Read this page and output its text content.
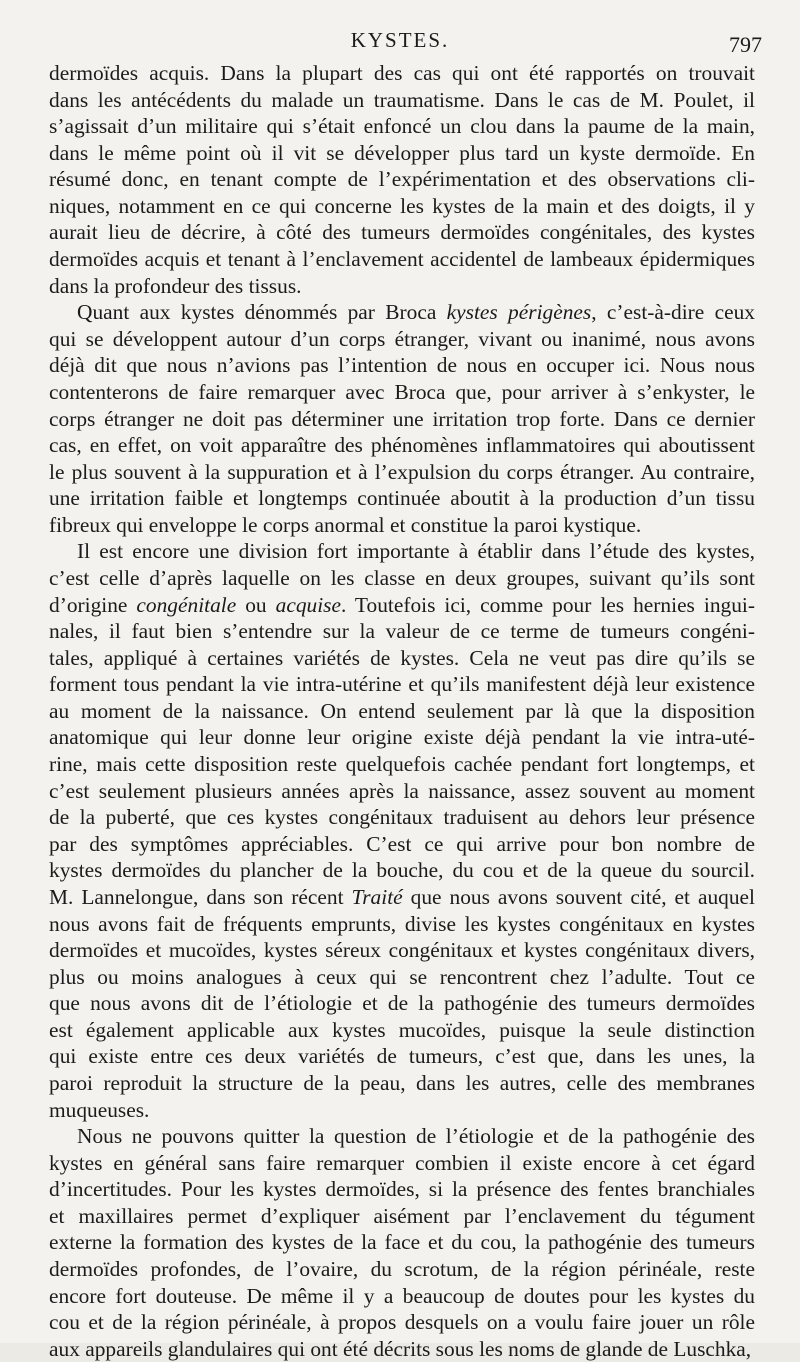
KYSTES.	797
dermoïdes acquis. Dans la plupart des cas qui ont été rapportés on trouvait
dans les antécédents du malade un traumatisme. Dans le cas de M. Poulet, il
s’agissait d’un militaire qui s’était enfoncé un clou dans la paume de la main,
dans le même point où il vit se développer plus tard un kyste dermoïde. En
résumé donc, en tenant compte de l’expérimentation et des observations cli-
niques, notamment en ce qui concerne les kystes de la main et des doigts, il y
aurait lieu de décrire, à côté des tumeurs dermoïdes congénitales, des kystes
dermoïdes acquis et tenant à l’enclavement accidentel de lambeaux épidermiques
dans la profondeur des tissus.
Quant aux kystes dénommés par Broca kystes périgènes, c’est-à-dire ceux
qui se développent autour d’un corps étranger, vivant ou inanimé, nous avons
déjà dit que nous n’avions pas l’intention de nous en occuper ici. Nous nous
contenterons de faire remarquer avec Broca que, pour arriver à s’enkyster, le
corps étranger ne doit pas déterminer une irritation trop forte. Dans ce dernier
cas, en effet, on voit apparaître des phénomènes inflammatoires qui aboutissent
le plus souvent à la suppuration et à l’expulsion du corps étranger. Au contraire,
une irritation faible et longtemps continuée aboutit à la production d’un tissu
fibreux qui enveloppe le corps anormal et constitue la paroi kystique.
Il est encore une division fort importante à établir dans l’étude des kystes,
c’est celle d’après laquelle on les classe en deux groupes, suivant qu’ils sont
d’origine congénitale ou acquise. Toutefois ici, comme pour les hernies ingui-
nales, il faut bien s’entendre sur la valeur de ce terme de tumeurs congéni-
tales, appliqué à certaines variétés de kystes. Cela ne veut pas dire qu’ils se
forment tous pendant la vie intra-utérine et qu’ils manifestent déjà leur existence
au moment de la naissance. On entend seulement par là que la disposition
anatomique qui leur donne leur origine existe déjà pendant la vie intra-uté-
rine, mais cette disposition reste quelquefois cachée pendant fort longtemps, et
c’est seulement plusieurs années après la naissance, assez souvent au moment
de la puberté, que ces kystes congénitaux traduisent au dehors leur présence
par des symptômes appréciables. C’est ce qui arrive pour bon nombre de
kystes dermoïdes du plancher de la bouche, du cou et de la queue du sourcil.
M. Lannelongue, dans son récent Traité que nous avons souvent cité, et auquel
nous avons fait de fréquents emprunts, divise les kystes congénitaux en kystes
dermoïdes et mucoïdes, kystes séreux congénitaux et kystes congénitaux divers,
plus ou moins analogues à ceux qui se rencontrent chez l’adulte. Tout ce
que nous avons dit de l’étiologie et de la pathogénie des tumeurs dermoïdes
est également applicable aux kystes mucoïdes, puisque la seule distinction
qui existe entre ces deux variétés de tumeurs, c’est que, dans les unes, la
paroi reproduit la structure de la peau, dans les autres, celle des membranes
muqueuses.
Nous ne pouvons quitter la question de l’étiologie et de la pathogénie des
kystes en général sans faire remarquer combien il existe encore à cet égard
d’incertitudes. Pour les kystes dermoïdes, si la présence des fentes branchiales
et maxillaires permet d’expliquer aisément par l’enclavement du tégument
externe la formation des kystes de la face et du cou, la pathogénie des tumeurs
dermoïdes profondes, de l’ovaire, du scrotum, de la région périnéale, reste
encore fort douteuse. De même il y a beaucoup de doutes pour les kystes du
cou et de la région périnéale, à propos desquels on a voulu faire jouer un rôle
aux appareils glandulaires qui ont été décrits sous les noms de glande de Luschka,
